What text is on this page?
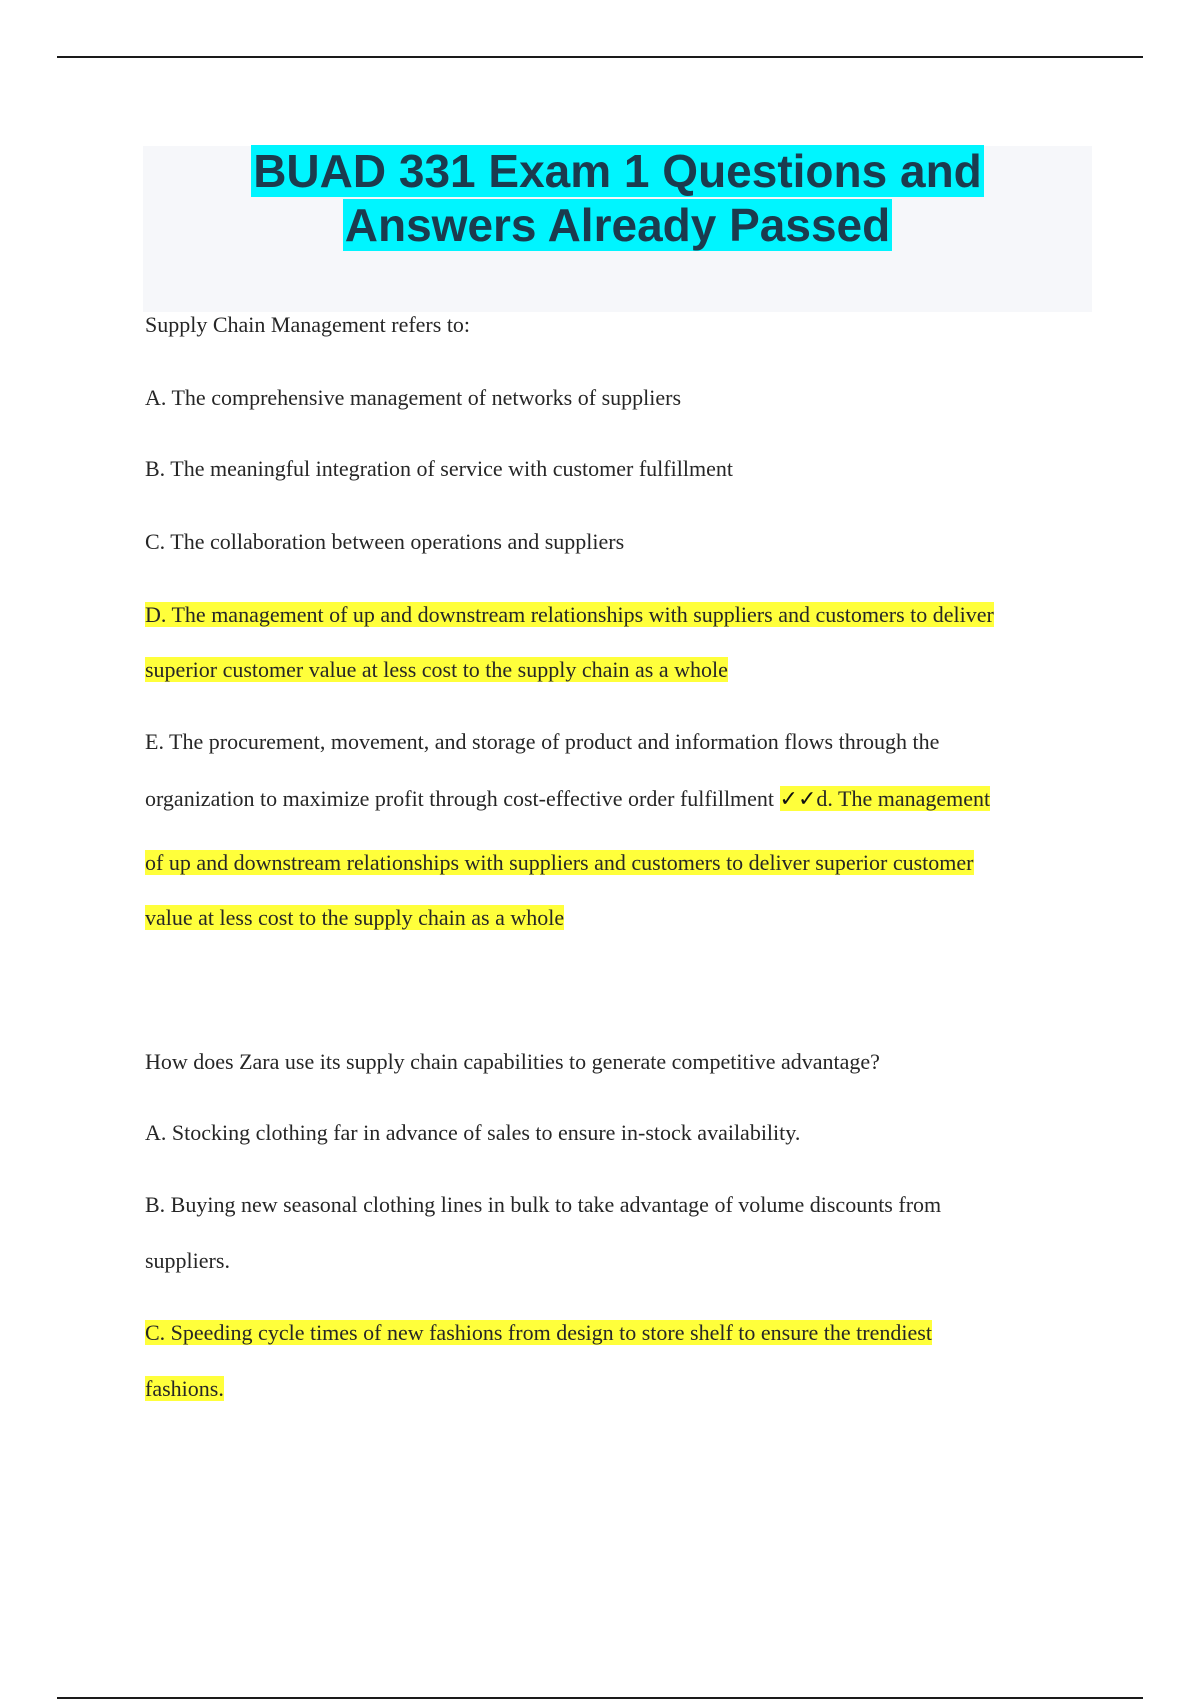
BUAD 331 Exam 1 Questions and
Answers Already Passed
Supply Chain Management refers to:
A. The comprehensive management of networks of suppliers
B. The meaningful integration of service with customer fulfillment
C. The collaboration between operations and suppliers
D. The management of up and downstream relationships with suppliers and customers to deliver
superior customer value at less cost to the supply chain as a whole
E. The procurement, movement, and storage of product and information flows through the
organization to maximize profit through cost-effective order fulfillment ✓✓d. The management
of up and downstream relationships with suppliers and customers to deliver superior customer
value at less cost to the supply chain as a whole
How does Zara use its supply chain capabilities to generate competitive advantage?
A. Stocking clothing far in advance of sales to ensure in-stock availability.
B. Buying new seasonal clothing lines in bulk to take advantage of volume discounts from
suppliers.
C. Speeding cycle times of new fashions from design to store shelf to ensure the trendiest
fashions.
